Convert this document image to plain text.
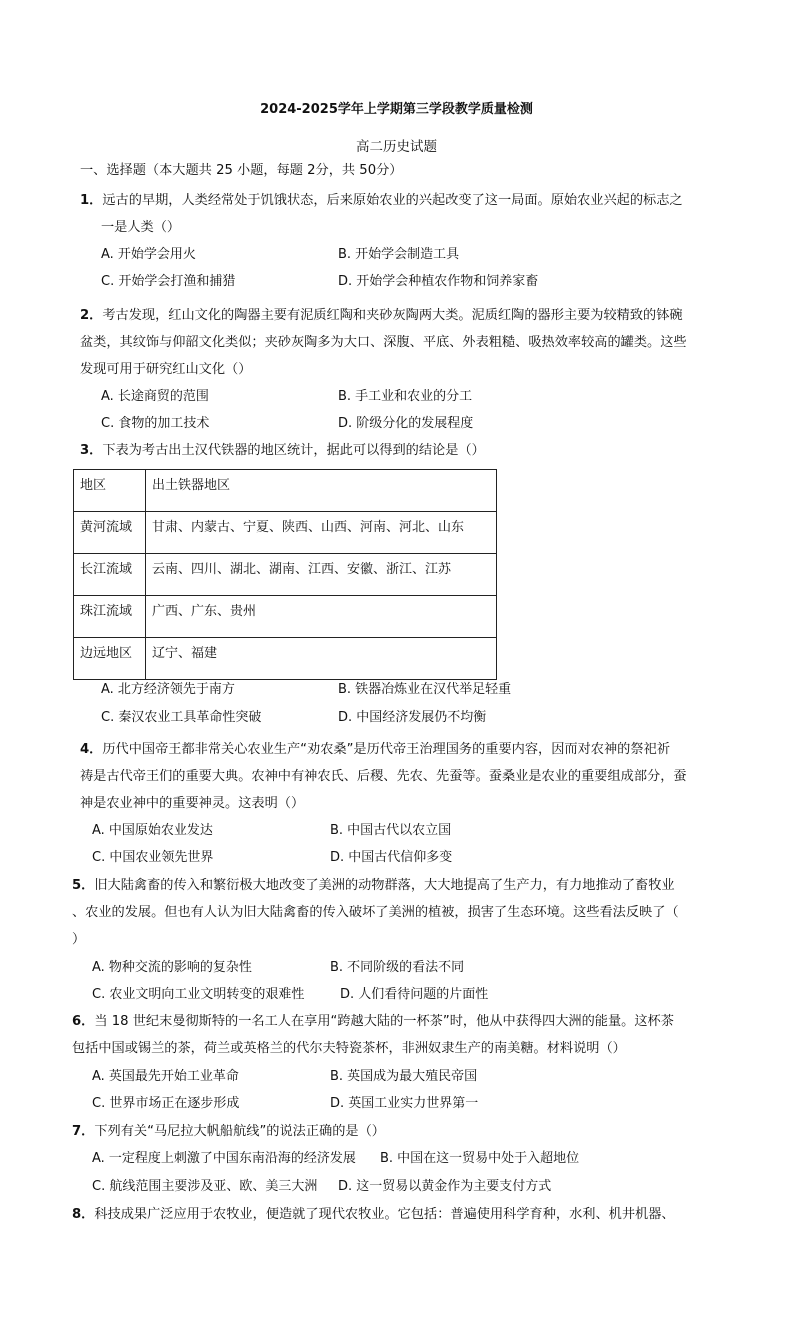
2024-2025学年上学期第三学段教学质量检测
高二历史试题
一、选择题（本大题共 25 小题，每题 2分，共 50分）
1．远古的早期，人类经常处于饥饿状态，后来原始农业的兴起改变了这一局面。原始农业兴起的标志之
一是人类（）
A. 开始学会用火	B. 开始学会制造工具
C. 开始学会打渔和捕猎	D. 开始学会种植农作物和饲养家畜
2．考古发现，红山文化的陶器主要有泥质红陶和夹砂灰陶两大类。泥质红陶的器形主要为较精致的钵碗
盆类，其纹饰与仰韶文化类似；夹砂灰陶多为大口、深腹、平底、外表粗糙、吸热效率较高的罐类。这些
发现可用于研究红山文化（）
A. 长途商贸的范围	B. 手工业和农业的分工
C. 食物的加工技术	D. 阶级分化的发展程度
3．下表为考古出土汉代铁器的地区统计，据此可以得到的结论是（）
地区	出土铁器地区
黄河流域	甘肃、内蒙古、宁夏、陕西、山西、河南、河北、山东
长江流域	云南、四川、湖北、湖南、江西、安徽、浙江、江苏
珠江流域	广西、广东、贵州
边远地区	辽宁、福建
A. 北方经济领先于南方	B. 铁器冶炼业在汉代举足轻重
C. 秦汉农业工具革命性突破	D. 中国经济发展仍不均衡
4．历代中国帝王都非常关心农业生产“劝农桑”是历代帝王治理国务的重要内容，因而对农神的祭祀祈
祷是古代帝王们的重要大典。农神中有神农氏、后稷、先农、先蚕等。蚕桑业是农业的重要组成部分，蚕
神是农业神中的重要神灵。这表明（）
A. 中国原始农业发达	B. 中国古代以农立国
C. 中国农业领先世界	D. 中国古代信仰多变
5．旧大陆禽畜的传入和繁衍极大地改变了美洲的动物群落，大大地提高了生产力，有力地推动了畜牧业
、农业的发展。但也有人认为旧大陆禽畜的传入破坏了美洲的植被，损害了生态环境。这些看法反映了（
）
A. 物种交流的影响的复杂性	B. 不同阶级的看法不同
C. 农业文明向工业文明转变的艰难性	D. 人们看待问题的片面性
6．当 18 世纪末曼彻斯特的一名工人在享用“跨越大陆的一杯茶”时，他从中获得四大洲的能量。这杯茶
包括中国或锡兰的茶，荷兰或英格兰的代尔夫特瓷茶杯，非洲奴隶生产的南美糖。材料说明（）
A. 英国最先开始工业革命	B. 英国成为最大殖民帝国
C. 世界市场正在逐步形成	D. 英国工业实力世界第一
7．下列有关“马尼拉大帆船航线”的说法正确的是（）
A. 一定程度上刺激了中国东南沿海的经济发展 B. 中国在这一贸易中处于入超地位
C. 航线范围主要涉及亚、欧、美三大洲 D. 这一贸易以黄金作为主要支付方式
8．科技成果广泛应用于农牧业，便造就了现代农牧业。它包括：普遍使用科学育种，水利、机井机器、
